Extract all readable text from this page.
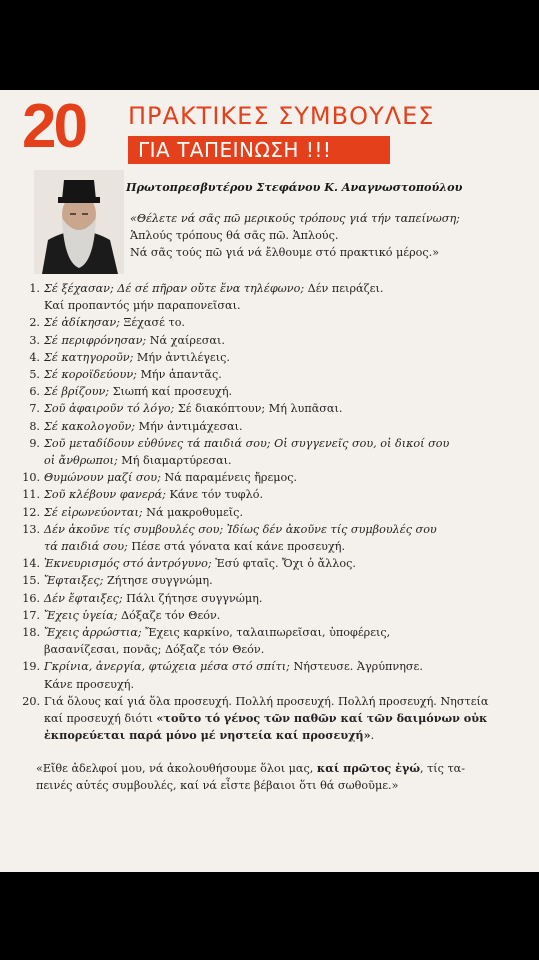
20 ΠΡΑΚΤΙΚΕΣ ΣΥΜΒΟΥΛΕΣ
ΓΙΑ ΤΑΠΕΙΝΩΣΗ !!!
Πρωτοπρεσβυτέρου Στεφάνου Κ. Αναγνωστοπούλου
«Θέλετε νά σᾶς πῶ μερικούς τρόπους γιά τήν ταπείνωση;
Ἁπλούς τρόπους θά σᾶς πῶ. Ἁπλούς.
Νά σᾶς τούς πῶ γιά νά ἔλθουμε στό πρακτικό μέρος.»
1. Σέ ξέχασαν; Δέ σέ πῆραν οὔτε ἕνα τηλέφωνο; Δέν πειράζει.
Καί προπαντός μήν παραπονεῖσαι.
2. Σέ ἀδίκησαν; Ξέχασέ το.
3. Σέ περιφρόνησαν; Νά χαίρεσαι.
4. Σέ κατηγοροῦν; Μήν ἀντιλέγεις.
5. Σέ κοροϊδεύουν; Μήν ἀπαντᾶς.
6. Σέ βρίζουν; Σιωπή καί προσευχή.
7. Σοῦ ἀφαιροῦν τό λόγο; Σέ διακόπτουν; Μή λυπᾶσαι.
8. Σέ κακολογοῦν; Μήν ἀντιμάχεσαι.
9. Σοῦ μεταδίδουν εὐθύνες τά παιδιά σου; Οἱ συγγενεῖς σου, οἱ δικοί σου
οἱ ἄνθρωποι; Μή διαμαρτύρεσαι.
10. Θυμώνουν μαζί σου; Νά παραμένεις ἤρεμος.
11. Σοῦ κλέβουν φανερά; Κάνε τόν τυφλό.
12. Σέ εἰρωνεύονται; Νά μακροθυμεῖς.
13. Δέν ἀκοῦνε τίς συμβουλές σου; Ἰδίως δέν ἀκοῦνε τίς συμβουλές σου
τά παιδιά σου; Πέσε στά γόνατα καί κάνε προσευχή.
14. Ἐκνευρισμός στό ἀντρόγυνο; Ἐσύ φταῖς. Ὄχι ὁ ἄλλος.
15. Ἔφταιξες; Ζήτησε συγγνώμη.
16. Δέν ἔφταιξες; Πάλι ζήτησε συγγνώμη.
17. Ἔχεις ὑγεία; Δόξαζε τόν Θεόν.
18. Ἔχεις ἀρρώστια; Ἔχεις καρκίνο, ταλαιπωρεῖσαι, ὑποφέρεις,
βασανίζεσαι, πονᾶς; Δόξαζε τόν Θεόν.
19. Γκρίνια, ἀνεργία, φτώχεια μέσα στό σπίτι; Νήστευσε. Ἀγρύπνησε.
Κάνε προσευχή.
20. Γιά ὅλους καί γιά ὅλα προσευχή. Πολλή προσευχή. Πολλή προσευχή. Νηστεία
καί προσευχή διότι «τοῦτο τό γένος τῶν παθῶν καί τῶν δαιμόνων οὐκ
ἐκπορεύεται παρά μόνο μέ νηστεία καί προσευχή».
«Εἴθε ἀδελφοί μου, νά ἀκολουθήσουμε ὅλοι μας, καί πρῶτος ἐγώ, τίς τα-
πεινές αὐτές συμβουλές, καί νά εἶστε βέβαιοι ὅτι θά σωθοῦμε.»
